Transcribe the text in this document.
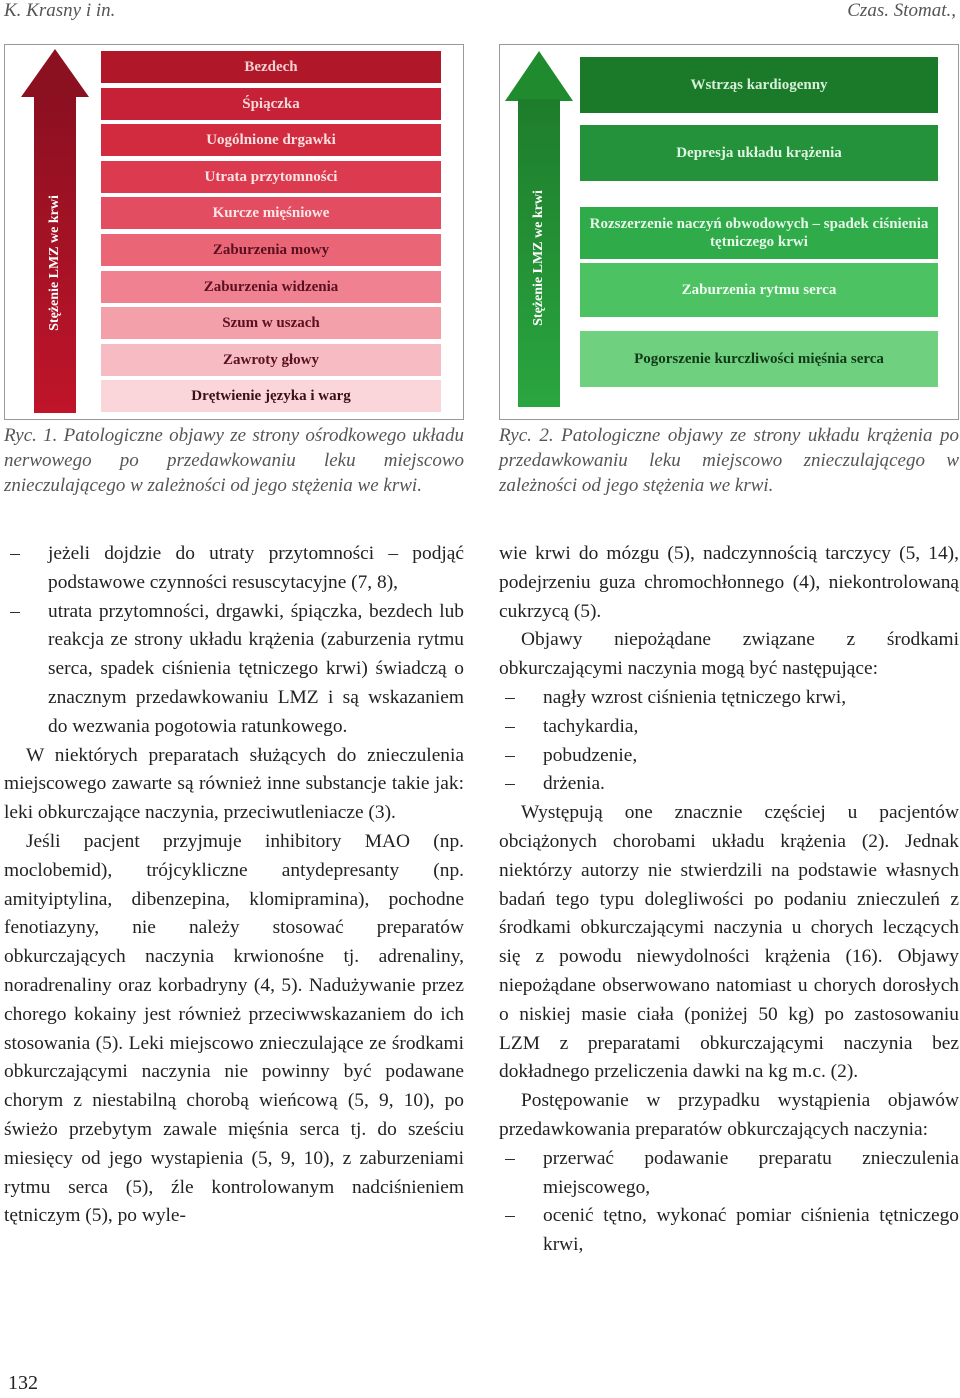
K. Krasny i in.	Czas. Stomat.,
Stężenie LMZ we krwi
Bezdech
Śpiączka
Uogólnione drgawki
Utrata przytomności
Kurcze mięśniowe
Zaburzenia mowy
Zaburzenia widzenia
Szum w uszach
Zawroty głowy
Drętwienie języka i warg
Stężenie LMZ we krwi
Wstrząs kardiogenny
Depresja układu krążenia
Rozszerzenie naczyń obwodowych – spadek ciśnienia tętniczego krwi
Zaburzenia rytmu serca
Pogorszenie kurczliwości mięśnia serca
Ryc. 1. Patologiczne objawy ze strony ośrodkowego układu nerwowego po przedawkowaniu leku miejscowo znieczulającego w zależności od jego stężenia we krwi.
Ryc. 2. Patologiczne objawy ze strony układu krążenia po przedawkowaniu leku miejscowo znieczulającego w zależności od jego stężenia we krwi.
–	jeżeli dojdzie do utraty przytomności – podjąć podstawowe czynności resuscytacyjne (7, 8),
–	utrata przytomności, drgawki, śpiączka, bezdech lub reakcja ze strony układu krążenia (zaburzenia rytmu serca, spadek ciśnienia tętniczego krwi) świadczą o znacznym przedawkowaniu LMZ i są wskazaniem do wezwania pogotowia ratunkowego.

W niektórych preparatach służących do znieczulenia miejscowego zawarte są również inne substancje takie jak: leki obkurczające naczynia, przeciwutleniacze (3).

Jeśli pacjent przyjmuje inhibitory MAO (np. moclobemid), trójcykliczne antydepresanty (np. amityiptylina, dibenzepina, klomipramina), pochodne fenotiazyny, nie należy stosować preparatów obkurczających naczynia krwionośne tj. adrenaliny, noradrenaliny oraz korbadryny (4, 5). Nadużywanie przez chorego kokainy jest również przeciwwskazaniem do ich stosowania (5). Leki miejscowo znieczulające ze środkami obkurczającymi naczynia nie powinny być podawane chorym z niestabilną chorobą wieńcową (5, 9, 10), po świeżo przebytym zawale mięśnia serca tj. do sześciu miesięcy od jego wystapienia (5, 9, 10), z zaburzeniami rytmu serca (5), źle kontrolowanym nadciśnieniem tętniczym (5), po wyle-

wie krwi do mózgu (5), nadczynnością tarczycy (5, 14), podejrzeniu guza chromochłonnego (4), niekontrolowaną cukrzycą (5).

Objawy niepożądane związane z środkami obkurczającymi naczynia mogą być następujące:

–	nagły wzrost ciśnienia tętniczego krwi,
–	tachykardia,
–	pobudzenie,
–	drżenia.

Występują one znacznie częściej u pacjentów obciążonych chorobami układu krążenia (2). Jednak niektórzy autorzy nie stwierdzili na podstawie własnych badań tego typu dolegliwości po podaniu znieczuleń z środkami obkurczającymi naczynia u chorych leczących się z powodu niewydolności krążenia (16). Objawy niepożądane obserwowano natomiast u chorych dorosłych o niskiej masie ciała (poniżej 50 kg) po zastosowaniu LZM z preparatami obkurczającymi naczynia bez dokładnego przeliczenia dawki na kg m.c. (2).

Postępowanie w przypadku wystąpienia objawów przedawkowania preparatów obkurczających naczynia:

–	przerwać podawanie preparatu znieczulenia miejscowego,
–	ocenić tętno, wykonać pomiar ciśnienia tętniczego krwi,
132
